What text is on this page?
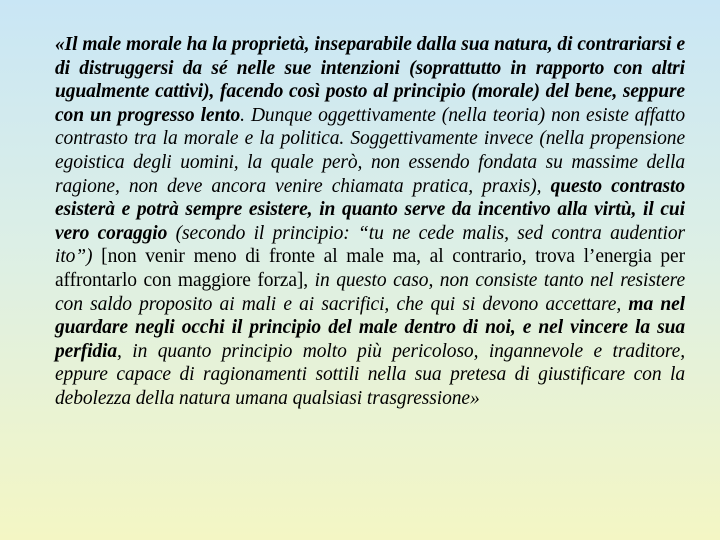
«Il male morale ha la proprietà, inseparabile dalla sua natura, di contrariarsi e di distruggersi da sé nelle sue intenzioni (soprattutto in rapporto con altri ugualmente cattivi), facendo così posto al principio (morale) del bene, seppure con un progresso lento. Dunque oggettivamente (nella teoria) non esiste affatto contrasto tra la morale e la politica. Soggettivamente invece (nella propensione egoistica degli uomini, la quale però, non essendo fondata su massime della ragione, non deve ancora venire chiamata pratica, praxis), questo contrasto esisterà e potrà sempre esistere, in quanto serve da incentivo alla virtù, il cui vero coraggio (secondo il principio: “tu ne cede malis, sed contra audentior ito”) [non venir meno di fronte al male ma, al contrario, trova l’energia per affrontarlo con maggiore forza], in questo caso, non consiste tanto nel resistere con saldo proposito ai mali e ai sacrifici, che qui si devono accettare, ma nel guardare negli occhi il principio del male dentro di noi, e nel vincere la sua perfidia, in quanto principio molto più pericoloso, ingannevole e traditore, eppure capace di ragionamenti sottili nella sua pretesa di giustificare con la debolezza della natura umana qualsiasi trasgressione»
